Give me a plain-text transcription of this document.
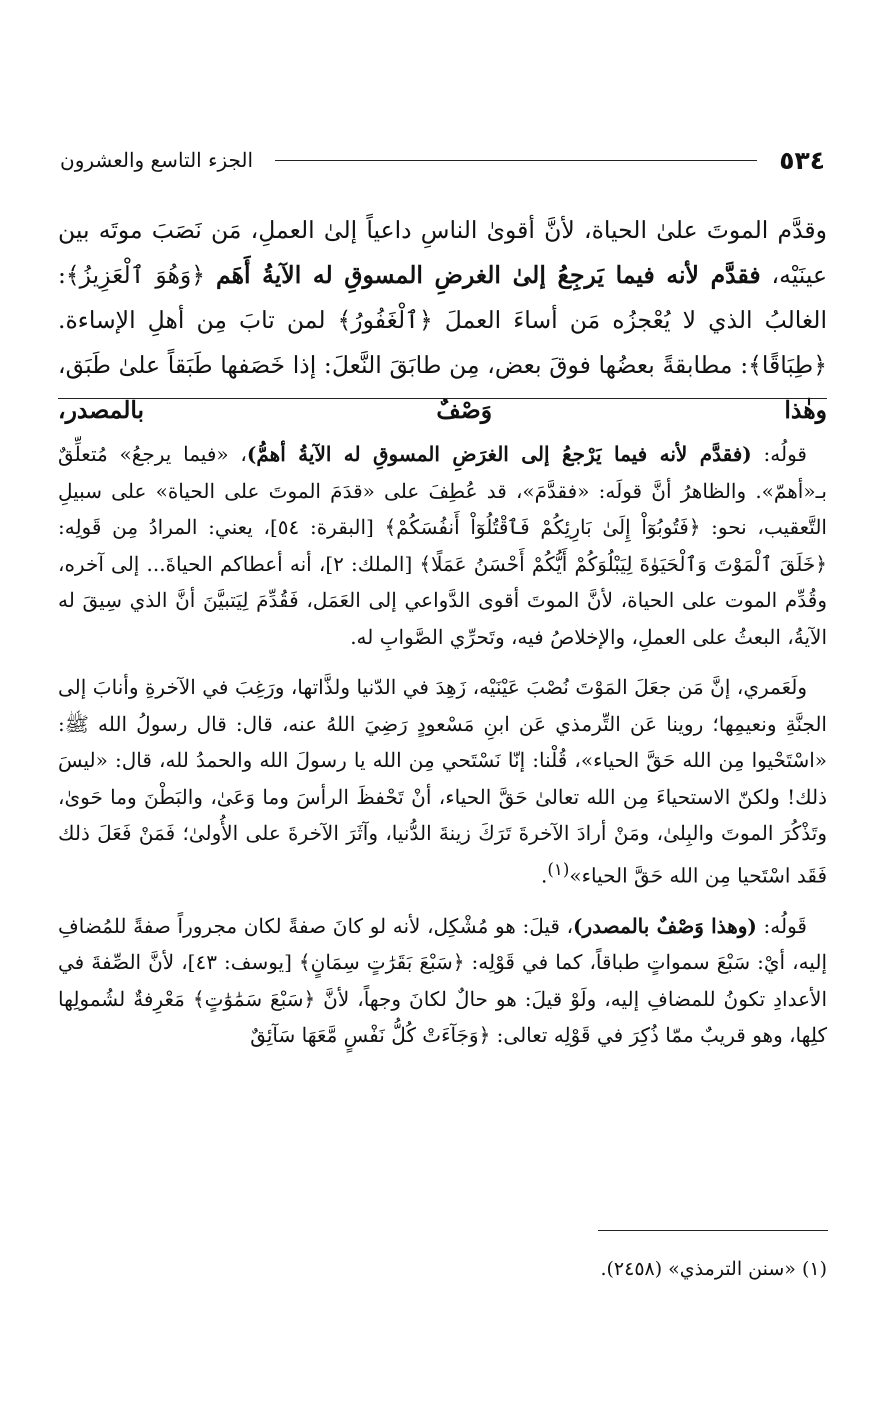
٥٣٤
الجزء التاسع والعشرون
وقدَّم الموتَ علىٰ الحياة، لأنَّ أقوىٰ الناسِ داعياً إلىٰ العملِ، مَن نَصَبَ موتَه بين عينَيْه، فقدَّم لأنه فيما يَرجِعُ إلىٰ الغرضِ المسوقِ له الآيةُ أَهَم ﴿وَهُوَ ٱلْعَزِيزُ﴾: الغالبُ الذي لا يُعْجزُه مَن أساءَ العملَ ﴿ٱلْغَفُورُ﴾ لمن تابَ مِن أهلِ الإساءة. ﴿طِبَاقًا﴾: مطابقةً بعضُها فوقَ بعض، مِن طابَقَ النَّعلَ: إذا خَصَفها طَبَقاً علىٰ طَبَق، وهٰذا وَصْفٌ بالمصدر،

قولُه: (فقدَّم لأنه فيما يَرْجعُ إلى الغرَضِ المسوقِ له الآيةُ أهمُّ)، «فيما يرجعُ» مُتعلِّقٌ بـ«أهمّ». والظاهرُ أنَّ قولَه: «فقدَّمَ»، قد عُطِفَ على «قدَمَ الموتَ على الحياة» على سبيلِ التَّعقيب، نحو: ﴿فَتُوبُوٓاْ إِلَىٰ بَارِئِكُمْ فَٱقْتُلُوٓاْ أَنفُسَكُمْ﴾ [البقرة: ٥٤]، يعني: المرادُ مِن قَولِه: ﴿خَلَقَ ٱلْمَوْتَ وَٱلْحَيَوٰةَ لِيَبْلُوَكُمْ أَيُّكُمْ أَحْسَنُ عَمَلًا﴾ [الملك: ٢]، أنه أعطاكم الحياةَ... إلى آخره، وقُدِّم الموت على الحياة، لأنَّ الموتَ أقوى الدَّواعي إلى العَمَل، فَقُدِّمَ لِيَتبيَّنَ أنَّ الذي سِيقَ له الآيةُ، البعثُ على العملِ، والإخلاصُ فيه، وتَحرِّي الصَّوابِ له.

ولَعَمري، إنَّ مَن جعَلَ المَوْتَ نُصْبَ عَيْنَيْه، زَهِدَ في الدّنيا ولذَّاتها، ورَغِبَ في الآخرةِ وأنابَ إلى الجنَّةِ ونعيمِها؛ روينا عَن التِّرمذي عَن ابنِ مَسْعودٍ رَضِيَ اللهُ عنه، قال: قال رسولُ الله ﷺ: «اسْتَحْيوا مِن الله حَقَّ الحياء»، قُلْنا: إنّا نَسْتَحي مِن الله يا رسولَ الله والحمدُ لله، قال: «ليسَ ذلك! ولكنّ الاستحياءَ مِن الله تعالىٰ حَقَّ الحياء، أنْ تَحْفظَ الرأسَ وما وَعَىٰ، والبَطْنَ وما حَوىٰ، وتَذْكُرَ الموتَ والبِلىٰ، ومَنْ أرادَ الآخرةَ تَرَكَ زينةَ الدُّنيا، وآثَرَ الآخرةَ على الأُولىٰ؛ فَمَنْ فَعَلَ ذلك فَقَد اسْتَحيا مِن الله حَقَّ الحياء»$^{(١)}$.

قَولُه: (وهذا وَصْفٌ بالمصدر)، قيلَ: هو مُشْكِل، لأنه لو كانَ صفةً لكان مجروراً صفةً للمُضافِ إليه، أيْ: سَبْعَ سمواتٍ طباقاً، كما في قَوْلِه: ﴿سَبْعَ بَقَرَٰتٍ سِمَانٍ﴾ [يوسف: ٤٣]، لأنَّ الصِّفةَ في الأعدادِ تكونُ للمضافِ إليه، ولَوْ قيلَ: هو حالٌ لكانَ وجهاً، لأنَّ ﴿سَبْعَ سَمَٰوَٰتٍ﴾ مَعْرِفةٌ لشُمولِها كلِها، وهو قريبٌ ممّا ذُكِرَ في قَوْلِه تعالى: ﴿وَجَآءَتْ كُلُّ نَفْسٍ مَّعَهَا سَآئِقٌ

(١) «سنن الترمذي» (٢٤٥٨).
